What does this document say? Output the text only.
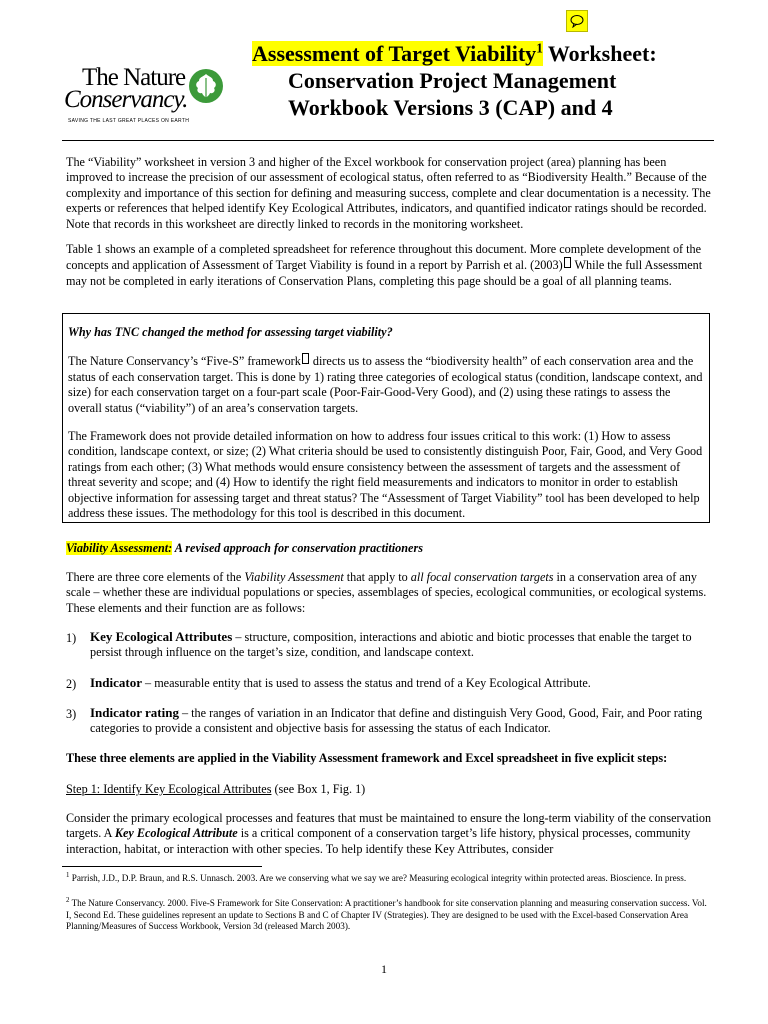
The Nature
Conservancy.
SAVING THE LAST GREAT PLACES ON EARTH
Assessment of Target Viability$^1$ Worksheet:
Conservation Project Management
Workbook Versions 3 (CAP) and 4

The “Viability” worksheet in version 3 and higher of the Excel workbook for conservation project (area) planning has been improved to increase the precision of our assessment of ecological status, often referred to as “Biodiversity Health.” Because of the complexity and importance of this section for defining and measuring success, complete and clear documentation is a necessity. The experts or references that helped identify Key Ecological Attributes, indicators, and quantified indicator ratings should be recorded. Note that records in this worksheet are directly linked to records in the monitoring worksheet.

Table 1 shows an example of a completed spreadsheet for reference throughout this document. More complete development of the concepts and application of Assessment of Target Viability is found in a report by Parrish et al. (2003) While the full Assessment may not be completed in early iterations of Conservation Plans, completing this page should be a goal of all planning teams.

Why has TNC changed the method for assessing target viability?

The Nature Conservancy’s “Five-S” framework directs us to assess the “biodiversity health” of each conservation area and the status of each conservation target. This is done by 1) rating three categories of ecological status (condition, landscape context, and size) for each conservation target on a four-part scale (Poor-Fair-Good-Very Good), and (2) using these ratings to assess the overall status (“viability”) of an area’s conservation targets.

The Framework does not provide detailed information on how to address four issues critical to this work: (1) How to assess condition, landscape context, or size; (2) What criteria should be used to consistently distinguish Poor, Fair, Good, and Very Good ratings from each other; (3) What methods would ensure consistency between the assessment of targets and the assessment of threat severity and scope; and (4) How to identify the right field measurements and indicators to monitor in order to establish objective information for assessing target and threat status? The “Assessment of Target Viability” tool has been developed to help address these issues. The methodology for this tool is described in this document.

Viability Assessment: A revised approach for conservation practitioners

There are three core elements of the Viability Assessment that apply to all focal conservation targets in a conservation area of any scale – whether these are individual populations or species, assemblages of species, ecological communities, or ecological systems. These elements and their function are as follows:

1) Key Ecological Attributes – structure, composition, interactions and abiotic and biotic processes that enable the target to persist through influence on the target’s size, condition, and landscape context.
2) Indicator – measurable entity that is used to assess the status and trend of a Key Ecological Attribute.
3) Indicator rating – the ranges of variation in an Indicator that define and distinguish Very Good, Good, Fair, and Poor rating categories to provide a consistent and objective basis for assessing the status of each Indicator.

These three elements are applied in the Viability Assessment framework and Excel spreadsheet in five explicit steps:

Step 1: Identify Key Ecological Attributes (see Box 1, Fig. 1)

Consider the primary ecological processes and features that must be maintained to ensure the long-term viability of the conservation targets. A Key Ecological Attribute is a critical component of a conservation target’s life history, physical processes, community interaction, habitat, or interaction with other species. To help identify these Key Attributes, consider

$^1$ Parrish, J.D., D.P. Braun, and R.S. Unnasch. 2003. Are we conserving what we say we are? Measuring ecological integrity within protected areas. Bioscience. In press.
$^2$ The Nature Conservancy. 2000. Five-S Framework for Site Conservation: A practitioner’s handbook for site conservation planning and measuring conservation success. Vol. I, Second Ed. These guidelines represent an update to Sections B and C of Chapter IV (Strategies). They are designed to be used with the Excel-based Conservation Area Planning/Measures of Success Workbook, Version 3d (released March 2003).
1
